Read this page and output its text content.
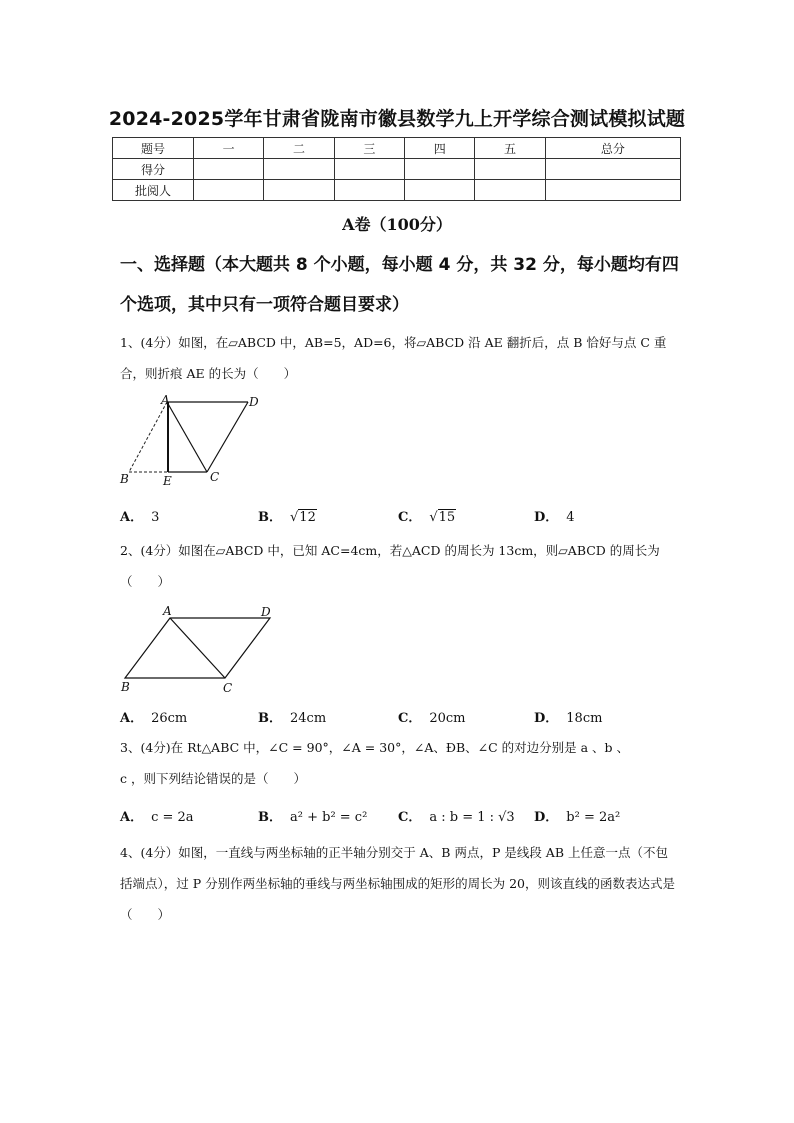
2024-2025学年甘肃省陇南市徽县数学九上开学综合测试模拟试题
题号	一	二	三	四	五	总分
得分						
批阅人						
A卷（100分）
一、选择题（本大题共 8 个小题，每小题 4 分，共 32 分，每小题均有四个选项，其中只有一项符合题目要求）
1、(4分）如图，在▱ABCD 中，AB=5，AD=6，将▱ABCD 沿 AE 翻折后，点 B 恰好与点 C 重合，则折痕 AE 的长为（　　）
A	D
B	E	C
A． 3	B． √12	C． √15	D． 4
2、(4分）如图在▱ABCD 中，已知 AC=4cm，若△ACD 的周长为 13cm，则▱ABCD 的周长为（　　）
A	D
B	C
A． 26cm	B． 24cm	C． 20cm	D． 18cm
3、(4分)在 Rt△ABC 中，∠C = 90°，∠A = 30°，∠A、ÐB、∠C 的对边分别是 a 、b 、
c ，则下列结论错误的是（　　）
A． c = 2a	B． a² + b² = c² C． a : b = 1 : √3 D． b² = 2a²
4、(4分）如图，一直线与两坐标轴的正半轴分别交于 A、B 两点，P 是线段 AB 上任意一点（不包括端点），过 P 分别作两坐标轴的垂线与两坐标轴围成的矩形的周长为 20，则该直线的函数表达式是（　　）
